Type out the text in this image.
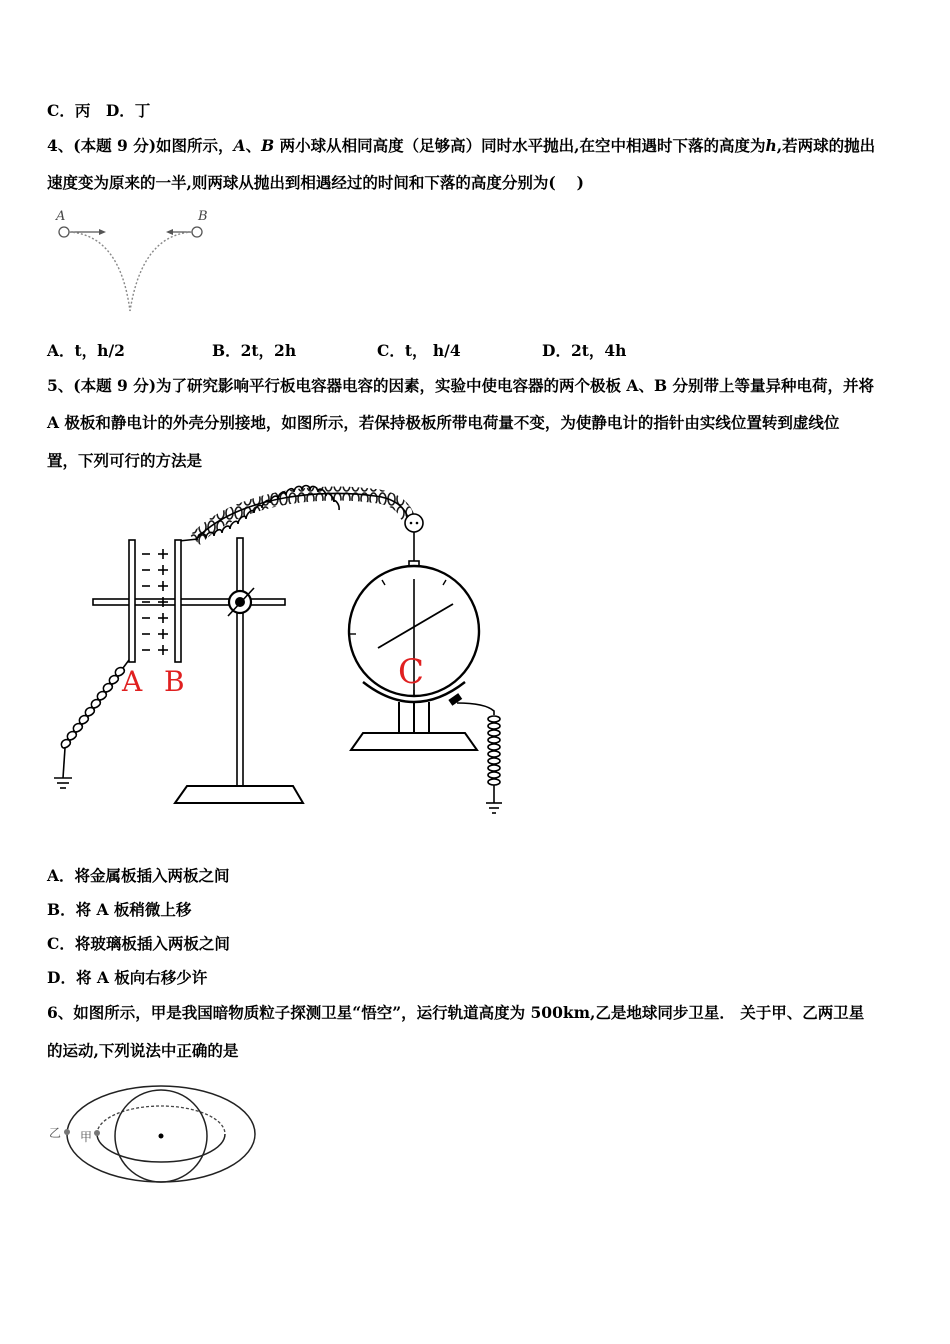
C．丙　D．丁
4、(本题 9 分)如图所示，A、B 两小球从相同高度（足够高）同时水平抛出,在空中相遇时下落的高度为h,若两球的抛出
速度变为原来的一半,则两球从抛出到相遇经过的时间和下落的高度分别为(　 )
A	B
A．t，h/2	B．2t，2h	C．t， h/4	D．2t，4h
5、(本题 9 分)为了研究影响平行板电容器电容的因素，实验中使电容器的两个极板 A、B 分别带上等量异种电荷，并将
A 极板和静电计的外壳分别接地，如图所示，若保持极板所带电荷量不变，为使静电计的指针由实线位置转到虚线位
置，下列可行的方法是
C
A B
A．将金属板插入两板之间
B．将 A 板稍微上移
C．将玻璃板插入两板之间
D．将 A 板向右移少许
6、如图所示，甲是我国暗物质粒子探测卫星“悟空”，运行轨道高度为 500km,乙是地球同步卫星． 关于甲、乙两卫星
的运动,下列说法中正确的是
乙 甲
